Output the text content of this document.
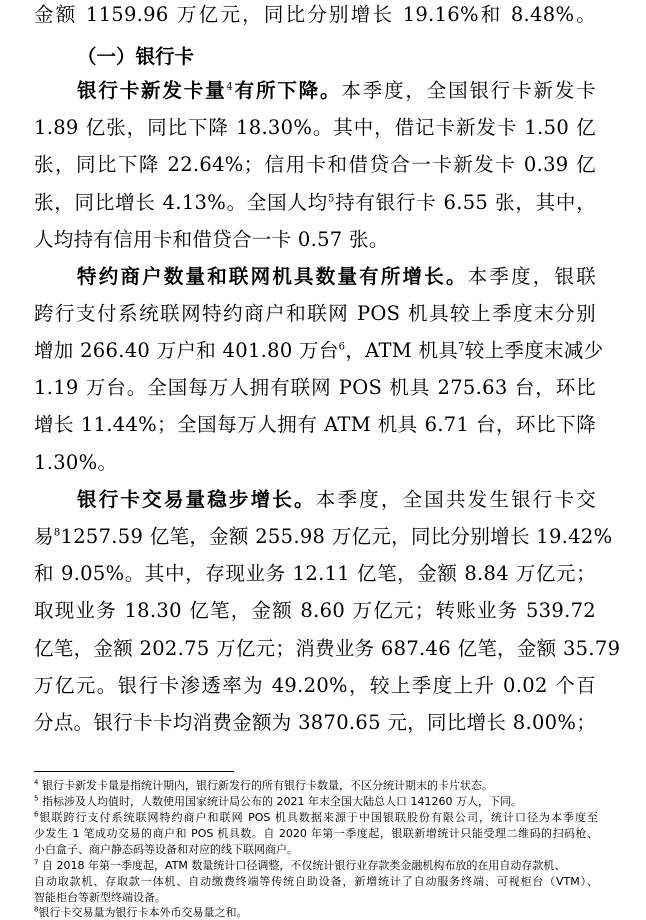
金额 1159.96 万亿元，同比分别增长 19.16%和 8.48%。
（一）银行卡
银行卡新发卡量$^4$有所下降。本季度，全国银行卡新发卡
1.89 亿张，同比下降 18.30%。其中，借记卡新发卡 1.50 亿
张，同比下降 22.64%；信用卡和借贷合一卡新发卡 0.39 亿
张，同比增长 4.13%。全国人均$^5$持有银行卡 6.55 张，其中，
人均持有信用卡和借贷合一卡 0.57 张。
特约商户数量和联网机具数量有所增长。本季度，银联
跨行支付系统联网特约商户和联网 POS 机具较上季度末分别
增加 266.40 万户和 401.80 万台$^6$，ATM 机具$^7$较上季度末减少
1.19 万台。全国每万人拥有联网 POS 机具 275.63 台，环比
增长 11.44%；全国每万人拥有 ATM 机具 6.71 台，环比下降
1.30%。
银行卡交易量稳步增长。本季度，全国共发生银行卡交
易$^8$1257.59 亿笔，金额 255.98 万亿元，同比分别增长 19.42%
和 9.05%。其中，存现业务 12.11 亿笔，金额 8.84 万亿元；
取现业务 18.30 亿笔，金额 8.60 万亿元；转账业务 539.72
亿笔，金额 202.75 万亿元；消费业务 687.46 亿笔，金额 35.79
万亿元。银行卡渗透率为 49.20%，较上季度上升 0.02 个百
分点。银行卡卡均消费金额为 3870.65 元，同比增长 8.00%；
$^4$ 银行卡新发卡量是指统计期内，银行新发行的所有银行卡数量，不区分统计期末的卡片状态。
$^5$ 指标涉及人均值时，人数使用国家统计局公布的 2021 年末全国大陆总人口 141260 万人，下同。
$^6$银联跨行支付系统联网特约商户和联网 POS 机具数据来源于中国银联股份有限公司，统计口径为本季度至
少发生 1 笔成功交易的商户和 POS 机具数。自 2020 年第一季度起，银联新增统计只能受理二维码的扫码枪、
小白盒子、商户静态码等设备和对应的线下联网商户。
$^7$ 自 2018 年第一季度起，ATM 数量统计口径调整，不仅统计银行业存款类金融机构布放的在用自动存款机、
自动取款机、存取款一体机、自动缴费终端等传统自助设备，新增统计了自动服务终端、可视柜台（VTM）、
智能柜台等新型终端设备。
$^8$银行卡交易量为银行卡本外币交易量之和。
